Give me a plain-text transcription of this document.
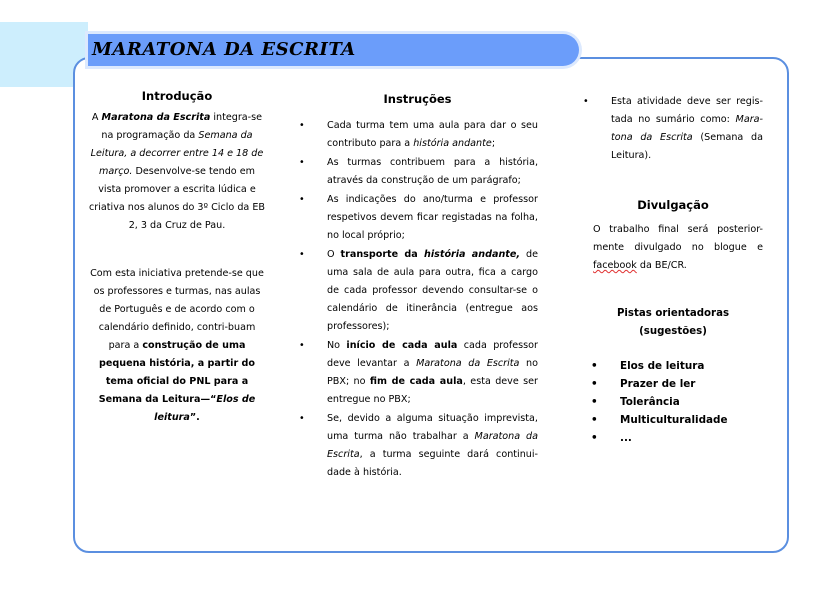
MARATONA DA ESCRITA
Introdução

A Maratona da Escrita integra-se na programação da Semana da Leitura, a decorrer entre 14 e 18 de março. Desenvolve-se tendo em vista promover a escrita lúdica e criativa nos alunos do 3º Ciclo da EB 2, 3 da Cruz de Pau.

Com esta iniciativa pretende-se que os professores e turmas, nas aulas de Português e de acordo com o calendário definido, contri-buam para a construção de uma pequena história, a partir do tema oficial do PNL para a Semana da Leitura—“Elos de leitura”.

Instruções
• Cada turma tem uma aula para dar o seu contributo para a história andante;
• As turmas contribuem para a história, através da construção de um parágrafo;
• As indicações do ano/turma e professor respetivos devem ficar registadas na folha, no local próprio;
• O transporte da história andante, de uma sala de aula para outra, fica a cargo de cada professor devendo consultar-se o calendário de itinerância (entregue aos professores);
• No início de cada aula cada professor deve levantar a Maratona da Escrita no PBX; no fim de cada aula, esta deve ser entregue no PBX;
• Se, devido a alguma situação imprevista, uma turma não trabalhar a Maratona da Escrita, a turma seguinte dará continui-dade à história.

• Esta atividade deve ser regis-tada no sumário como: Mara-tona da Escrita (Semana da Leitura).

Divulgação

O trabalho final será posterior-mente divulgado no blogue e facebook da BE/CR.

Pistas orientadoras
(sugestões)
• Elos de leitura
• Prazer de ler
• Tolerância
• Multiculturalidade
• ...
